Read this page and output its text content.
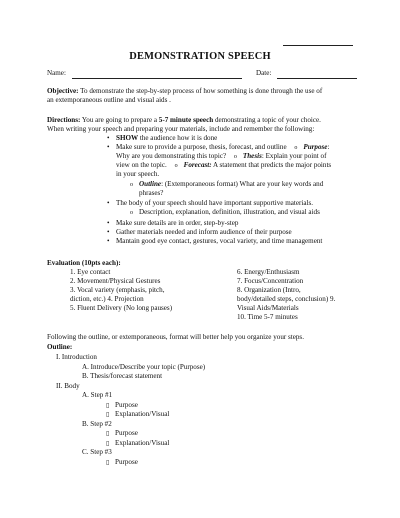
DEMONSTRATION SPEECH
Name:	Date:
Objective: To demonstrate the step-by-step process of how something is done through the use of
an extemporaneous outline and visual aids .
Directions: You are going to prepare a 5-7 minute speech demonstrating a topic of your choice.
When writing your speech and preparing your materials, include and remember the following:
• SHOW the audience how it is done
• Make sure to provide a purpose, thesis, forecast, and outline o Purpose:
Why are you demonstrating this topic? o Thesis: Explain your point of
view on the topic. o Forecast: A statement that predicts the major points
in your speech.
o Outline: (Extemporaneous format) What are your key words and
phrases?
• The body of your speech should have important supportive materials.
o Description, explanation, definition, illustration, and visual aids
• Make sure details are in order, step-by-step
• Gather materials needed and inform audience of their purpose
• Mantain good eye contact, gestures, vocal variety, and time management
Evaluation (10pts each):
1. Eye contact
2. Movement/Physical Gestures
3. Vocal variety (emphasis, pitch,
diction, etc.) 4. Projection
5. Fluent Delivery (No long pauses)
6. Energy/Enthusiasm
7. Focus/Concentration
8. Organization (Intro,
body/detailed steps, conclusion) 9.
Visual Aids/Materials
10. Time 5-7 minutes
Following the outline, or extemporaneous, format will better help you organize your steps.
Outline:
I. Introduction
A. Introduce/Describe your topic (Purpose)
B. Thesis/forecast statement
II. Body
A. Step #1
▯ Purpose
▯ Explanation/Visual
B. Step #2
▯ Purpose
▯ Explanation/Visual
C. Step #3
▯ Purpose
